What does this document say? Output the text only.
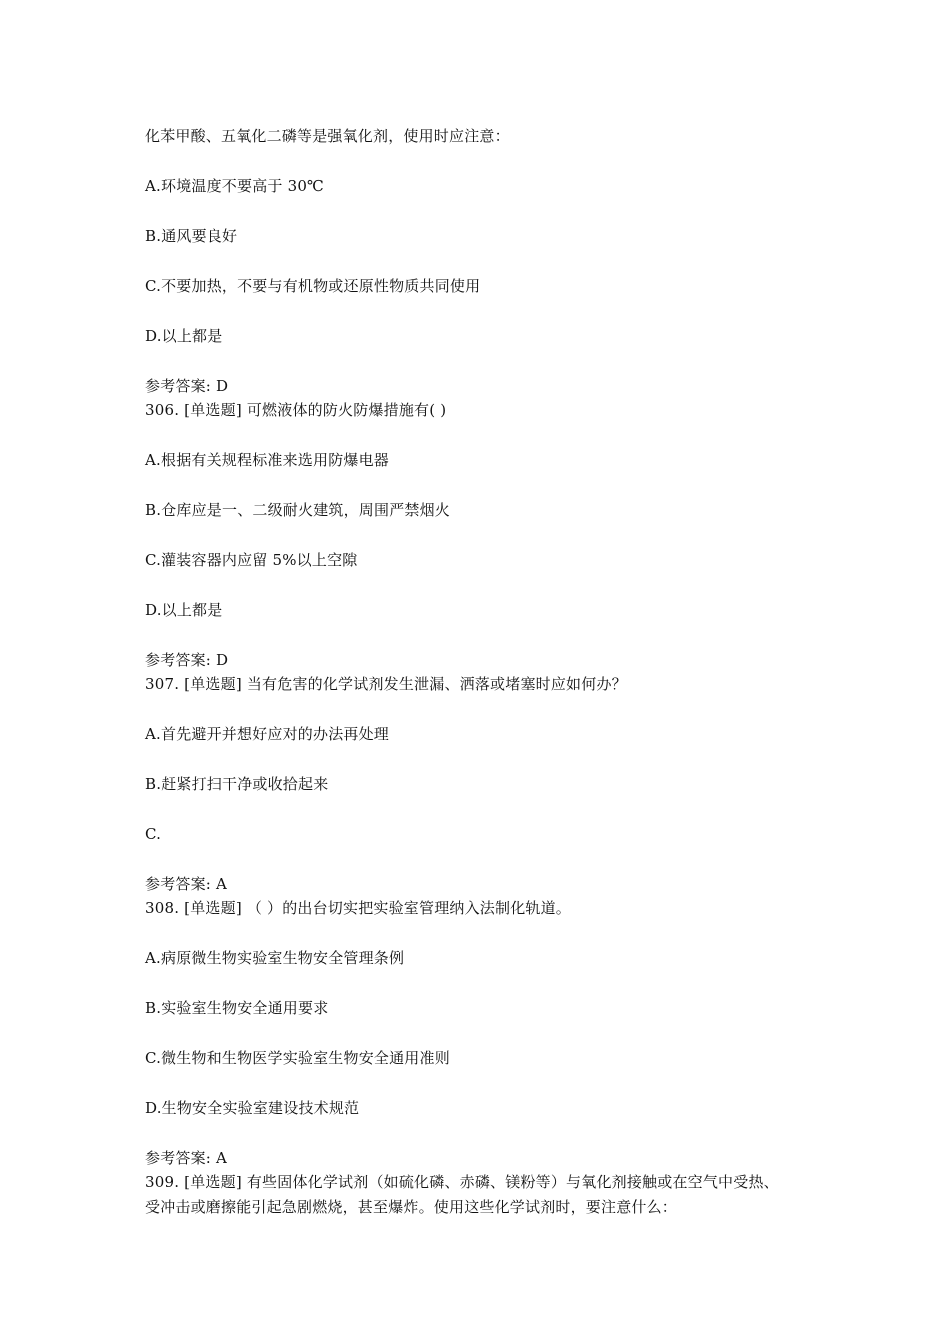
化苯甲酸、五氧化二磷等是强氧化剂，使用时应注意：
A.环境温度不要高于 30℃
B.通风要良好
C.不要加热，不要与有机物或还原性物质共同使用
D.以上都是
参考答案: D
306. [单选题] 可燃液体的防火防爆措施有( )
A.根据有关规程标准来选用防爆电器
B.仓库应是一、二级耐火建筑，周围严禁烟火
C.灌装容器内应留 5%以上空隙
D.以上都是
参考答案: D
307. [单选题] 当有危害的化学试剂发生泄漏、洒落或堵塞时应如何办？
A.首先避开并想好应对的办法再处理
B.赶紧打扫干净或收拾起来
C.
参考答案: A
308. [单选题] （ ）的出台切实把实验室管理纳入法制化轨道。
A.病原微生物实验室生物安全管理条例
B.实验室生物安全通用要求
C.微生物和生物医学实验室生物安全通用准则
D.生物安全实验室建设技术规范
参考答案: A
309. [单选题] 有些固体化学试剂（如硫化磷、赤磷、镁粉等）与氧化剂接触或在空气中受热、
受冲击或磨擦能引起急剧燃烧，甚至爆炸。使用这些化学试剂时，要注意什么：
